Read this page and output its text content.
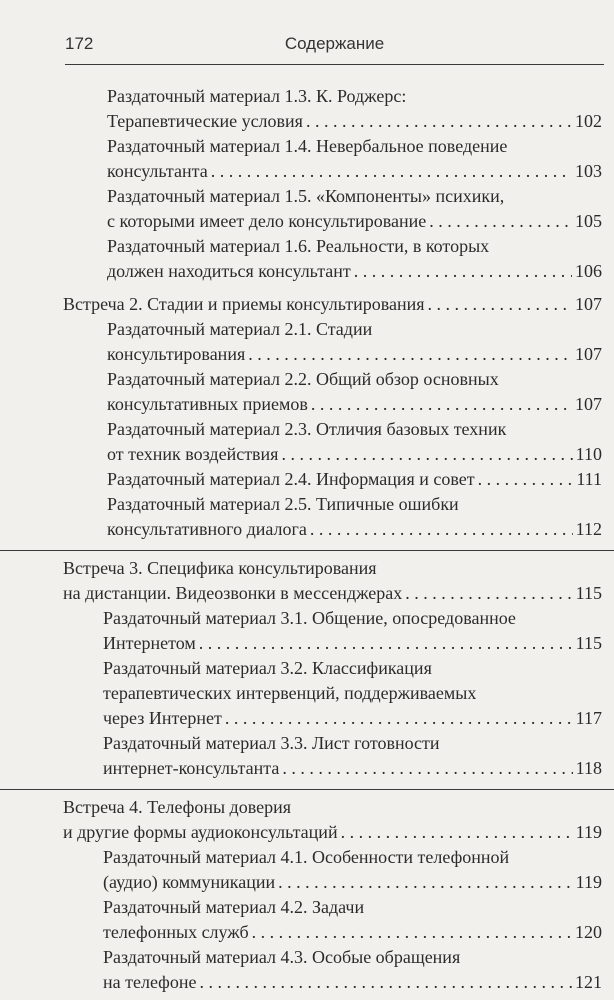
172	Содержание
Раздаточный материал 1.3. К. Роджерс:
Терапевтические условия . . .	102
Раздаточный материал 1.4. Невербальное поведение
консультанта . . .	103
Раздаточный материал 1.5. «Компоненты» психики,
с которыми имеет дело консультирование . . .	105
Раздаточный материал 1.6. Реальности, в которых
должен находиться консультант . . .	106
Встреча 2. Стадии и приемы консультирования . . .	107
Раздаточный материал 2.1. Стадии
консультирования . . .	107
Раздаточный материал 2.2. Общий обзор основных
консультативных приемов . . .	107
Раздаточный материал 2.3. Отличия базовых техник
от техник воздействия . . .	110
Раздаточный материал 2.4. Информация и совет . . .	111
Раздаточный материал 2.5. Типичные ошибки
консультативного диалога . . .	112
Встреча 3. Специфика консультирования
на дистанции. Видеозвонки в мессенджерах . . .	115
Раздаточный материал 3.1. Общение, опосредованное
Интернетом . . .	115
Раздаточный материал 3.2. Классификация
терапевтических интервенций, поддерживаемых
через Интернет . . .	117
Раздаточный материал 3.3. Лист готовности
интернет-консультанта . . .	118
Встреча 4. Телефоны доверия
и другие формы аудиоконсультаций . . .	119
Раздаточный материал 4.1. Особенности телефонной
(аудио) коммуникации . . .	119
Раздаточный материал 4.2. Задачи
телефонных служб . . .	120
Раздаточный материал 4.3. Особые обращения
на телефоне . . .	121
